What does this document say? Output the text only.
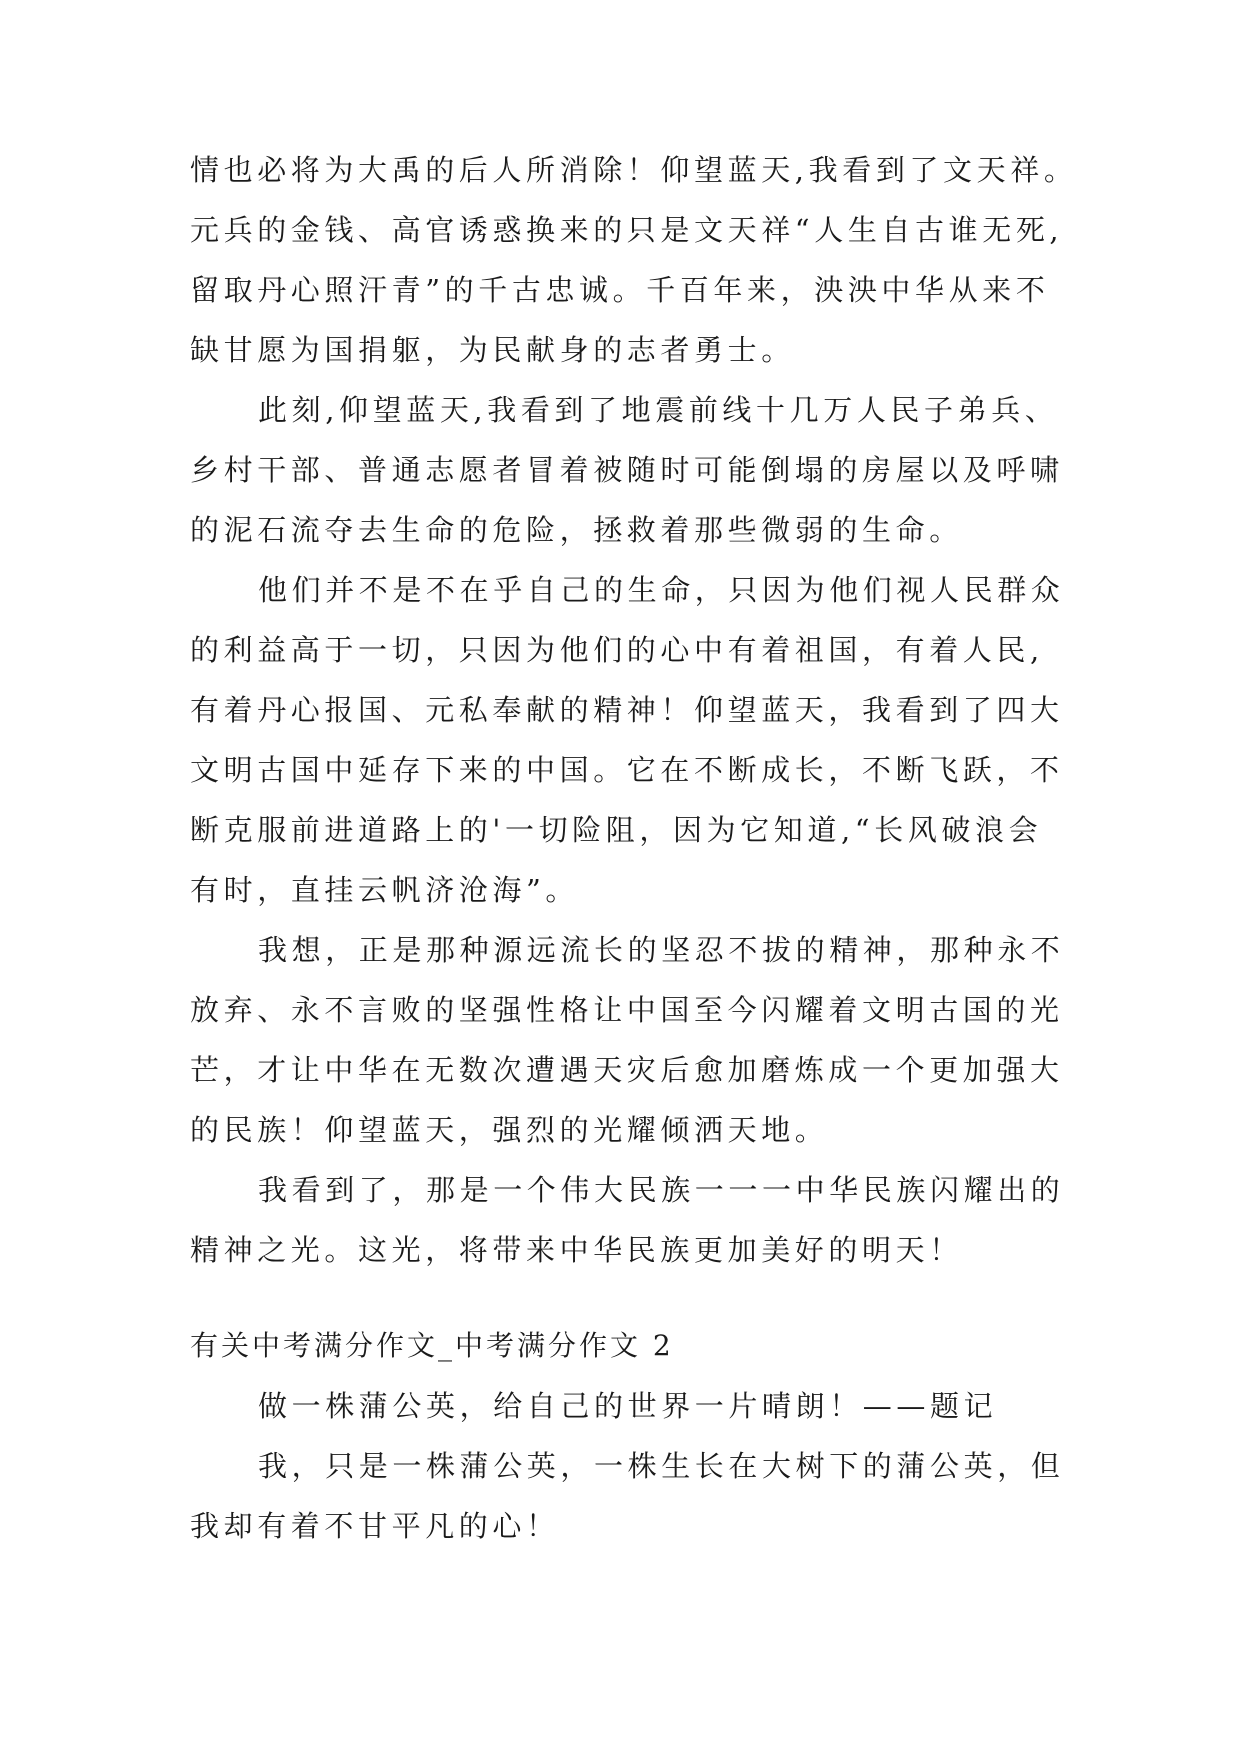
情也必将为大禹的后人所消除！仰望蓝天,我看到了文天祥。
元兵的金钱、高官诱惑换来的只是文天祥“人生自古谁无死,
留取丹心照汗青”的千古忠诚。千百年来，泱泱中华从来不
缺甘愿为国捐躯，为民献身的志者勇士。
此刻,仰望蓝天,我看到了地震前线十几万人民子弟兵、
乡村干部、普通志愿者冒着被随时可能倒塌的房屋以及呼啸
的泥石流夺去生命的危险，拯救着那些微弱的生命。
他们并不是不在乎自己的生命，只因为他们视人民群众
的利益高于一切，只因为他们的心中有着祖国，有着人民,
有着丹心报国、元私奉献的精神！仰望蓝天，我看到了四大
文明古国中延存下来的中国。它在不断成长，不断飞跃，不
断克服前进道路上的'一切险阻，因为它知道,“长风破浪会
有时，直挂云帆济沧海”。
我想，正是那种源远流长的坚忍不拔的精神，那种永不
放弃、永不言败的坚强性格让中国至今闪耀着文明古国的光
芒，才让中华在无数次遭遇天灾后愈加磨炼成一个更加强大
的民族！仰望蓝天，强烈的光耀倾洒天地。
我看到了，那是一个伟大民族一一一中华民族闪耀出的
精神之光。这光，将带来中华民族更加美好的明天！
有关中考满分作文_中考满分作文 2
做一株蒲公英，给自己的世界一片晴朗！——题记
我，只是一株蒲公英，一株生长在大树下的蒲公英，但
我却有着不甘平凡的心！
